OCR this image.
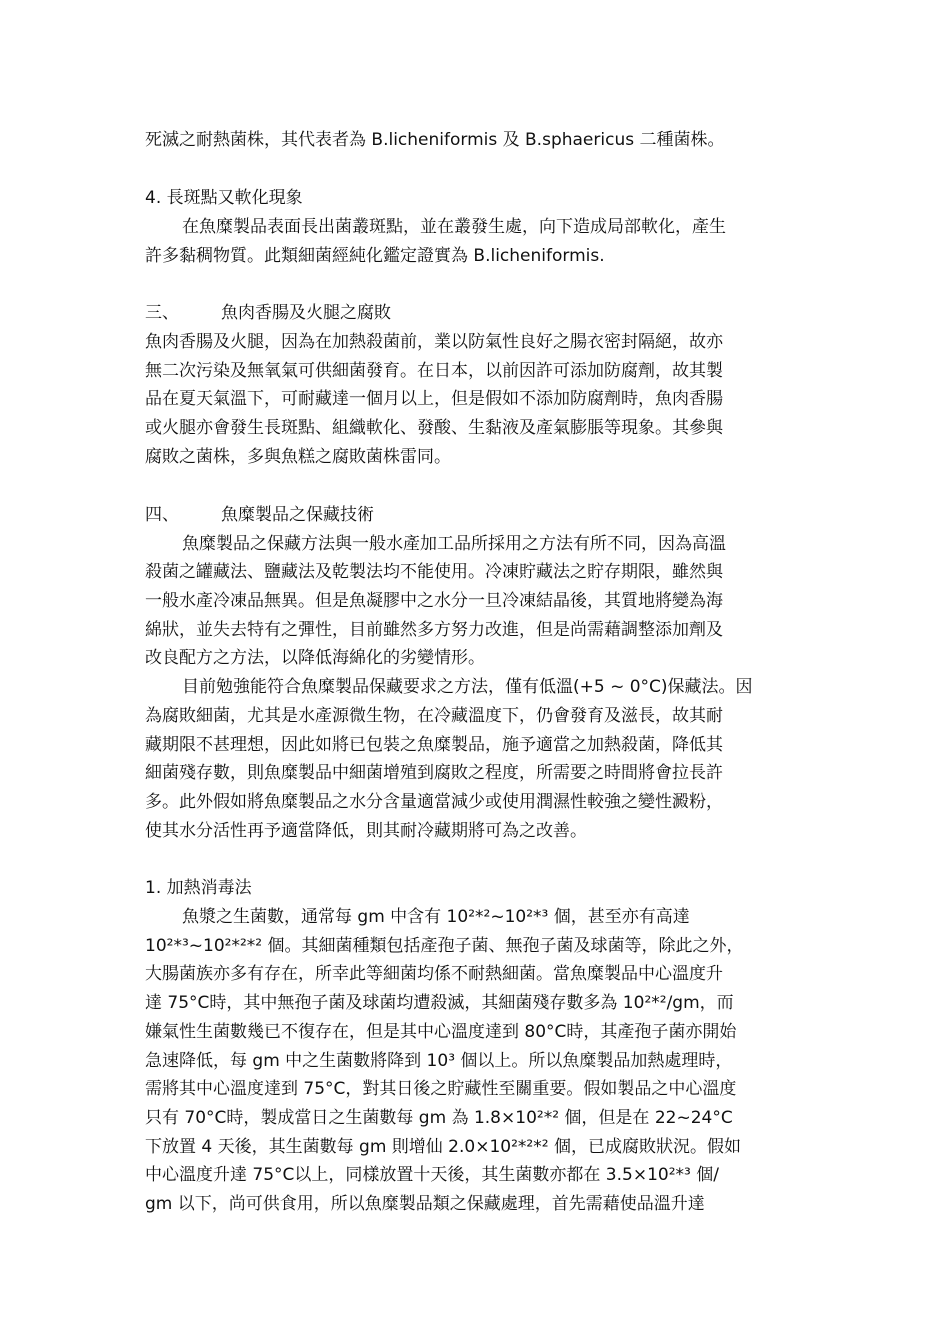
死滅之耐熱菌株，其代表者為 B.licheniformis 及 B.sphaericus 二種菌株。
4. 長斑點又軟化現象
在魚糜製品表面長出菌叢斑點，並在叢發生處，向下造成局部軟化，產生
許多黏稠物質。此類細菌經純化鑑定證實為 B.licheniformis.
三、 魚肉香腸及火腿之腐敗
魚肉香腸及火腿，因為在加熱殺菌前，業以防氣性良好之腸衣密封隔絕，故亦
無二次污染及無氧氣可供細菌發育。在日本，以前因許可添加防腐劑，故其製
品在夏天氣溫下，可耐藏達一個月以上，但是假如不添加防腐劑時，魚肉香腸
或火腿亦會發生長斑點、組織軟化、發酸、生黏液及產氣膨脹等現象。其參與
腐敗之菌株，多與魚糕之腐敗菌株雷同。
四、 魚糜製品之保藏技術
魚糜製品之保藏方法與一般水產加工品所採用之方法有所不同，因為高溫
殺菌之罐藏法、鹽藏法及乾製法均不能使用。冷凍貯藏法之貯存期限，雖然與
一般水產冷凍品無異。但是魚凝膠中之水分一旦冷凍結晶後，其質地將變為海
綿狀，並失去特有之彈性，目前雖然多方努力改進，但是尚需藉調整添加劑及
改良配方之方法，以降低海綿化的劣變情形。
目前勉強能符合魚糜製品保藏要求之方法，僅有低溫(+5 ~ 0°C)保藏法。因
為腐敗細菌，尤其是水產源微生物，在冷藏溫度下，仍會發育及滋長，故其耐
藏期限不甚理想，因此如將已包裝之魚糜製品，施予適當之加熱殺菌，降低其
細菌殘存數，則魚糜製品中細菌增殖到腐敗之程度，所需要之時間將會拉長許
多。此外假如將魚糜製品之水分含量適當減少或使用潤濕性較強之變性澱粉，
使其水分活性再予適當降低，則其耐冷藏期將可為之改善。
1. 加熱消毒法
魚漿之生菌數，通常每 gm 中含有 10²*²~10²*³ 個，甚至亦有高達
10²*³~10²*²*² 個。其細菌種類包括產孢子菌、無孢子菌及球菌等，除此之外，
大腸菌族亦多有存在，所幸此等細菌均係不耐熱細菌。當魚糜製品中心溫度升
達 75°C時，其中無孢子菌及球菌均遭殺滅，其細菌殘存數多為 10²*²/gm，而
嫌氣性生菌數幾已不復存在，但是其中心溫度達到 80°C時，其產孢子菌亦開始
急速降低，每 gm 中之生菌數將降到 10³ 個以上。所以魚糜製品加熱處理時，
需將其中心溫度達到 75°C，對其日後之貯藏性至關重要。假如製品之中心溫度
只有 70°C時，製成當日之生菌數每 gm 為 1.8×10²*² 個，但是在 22~24°C
下放置 4 天後，其生菌數每 gm 則增仙 2.0×10²*²*² 個，已成腐敗狀況。假如
中心溫度升達 75°C以上，同樣放置十天後，其生菌數亦都在 3.5×10²*³ 個/
gm 以下，尚可供食用，所以魚糜製品類之保藏處理，首先需藉使品溫升達
